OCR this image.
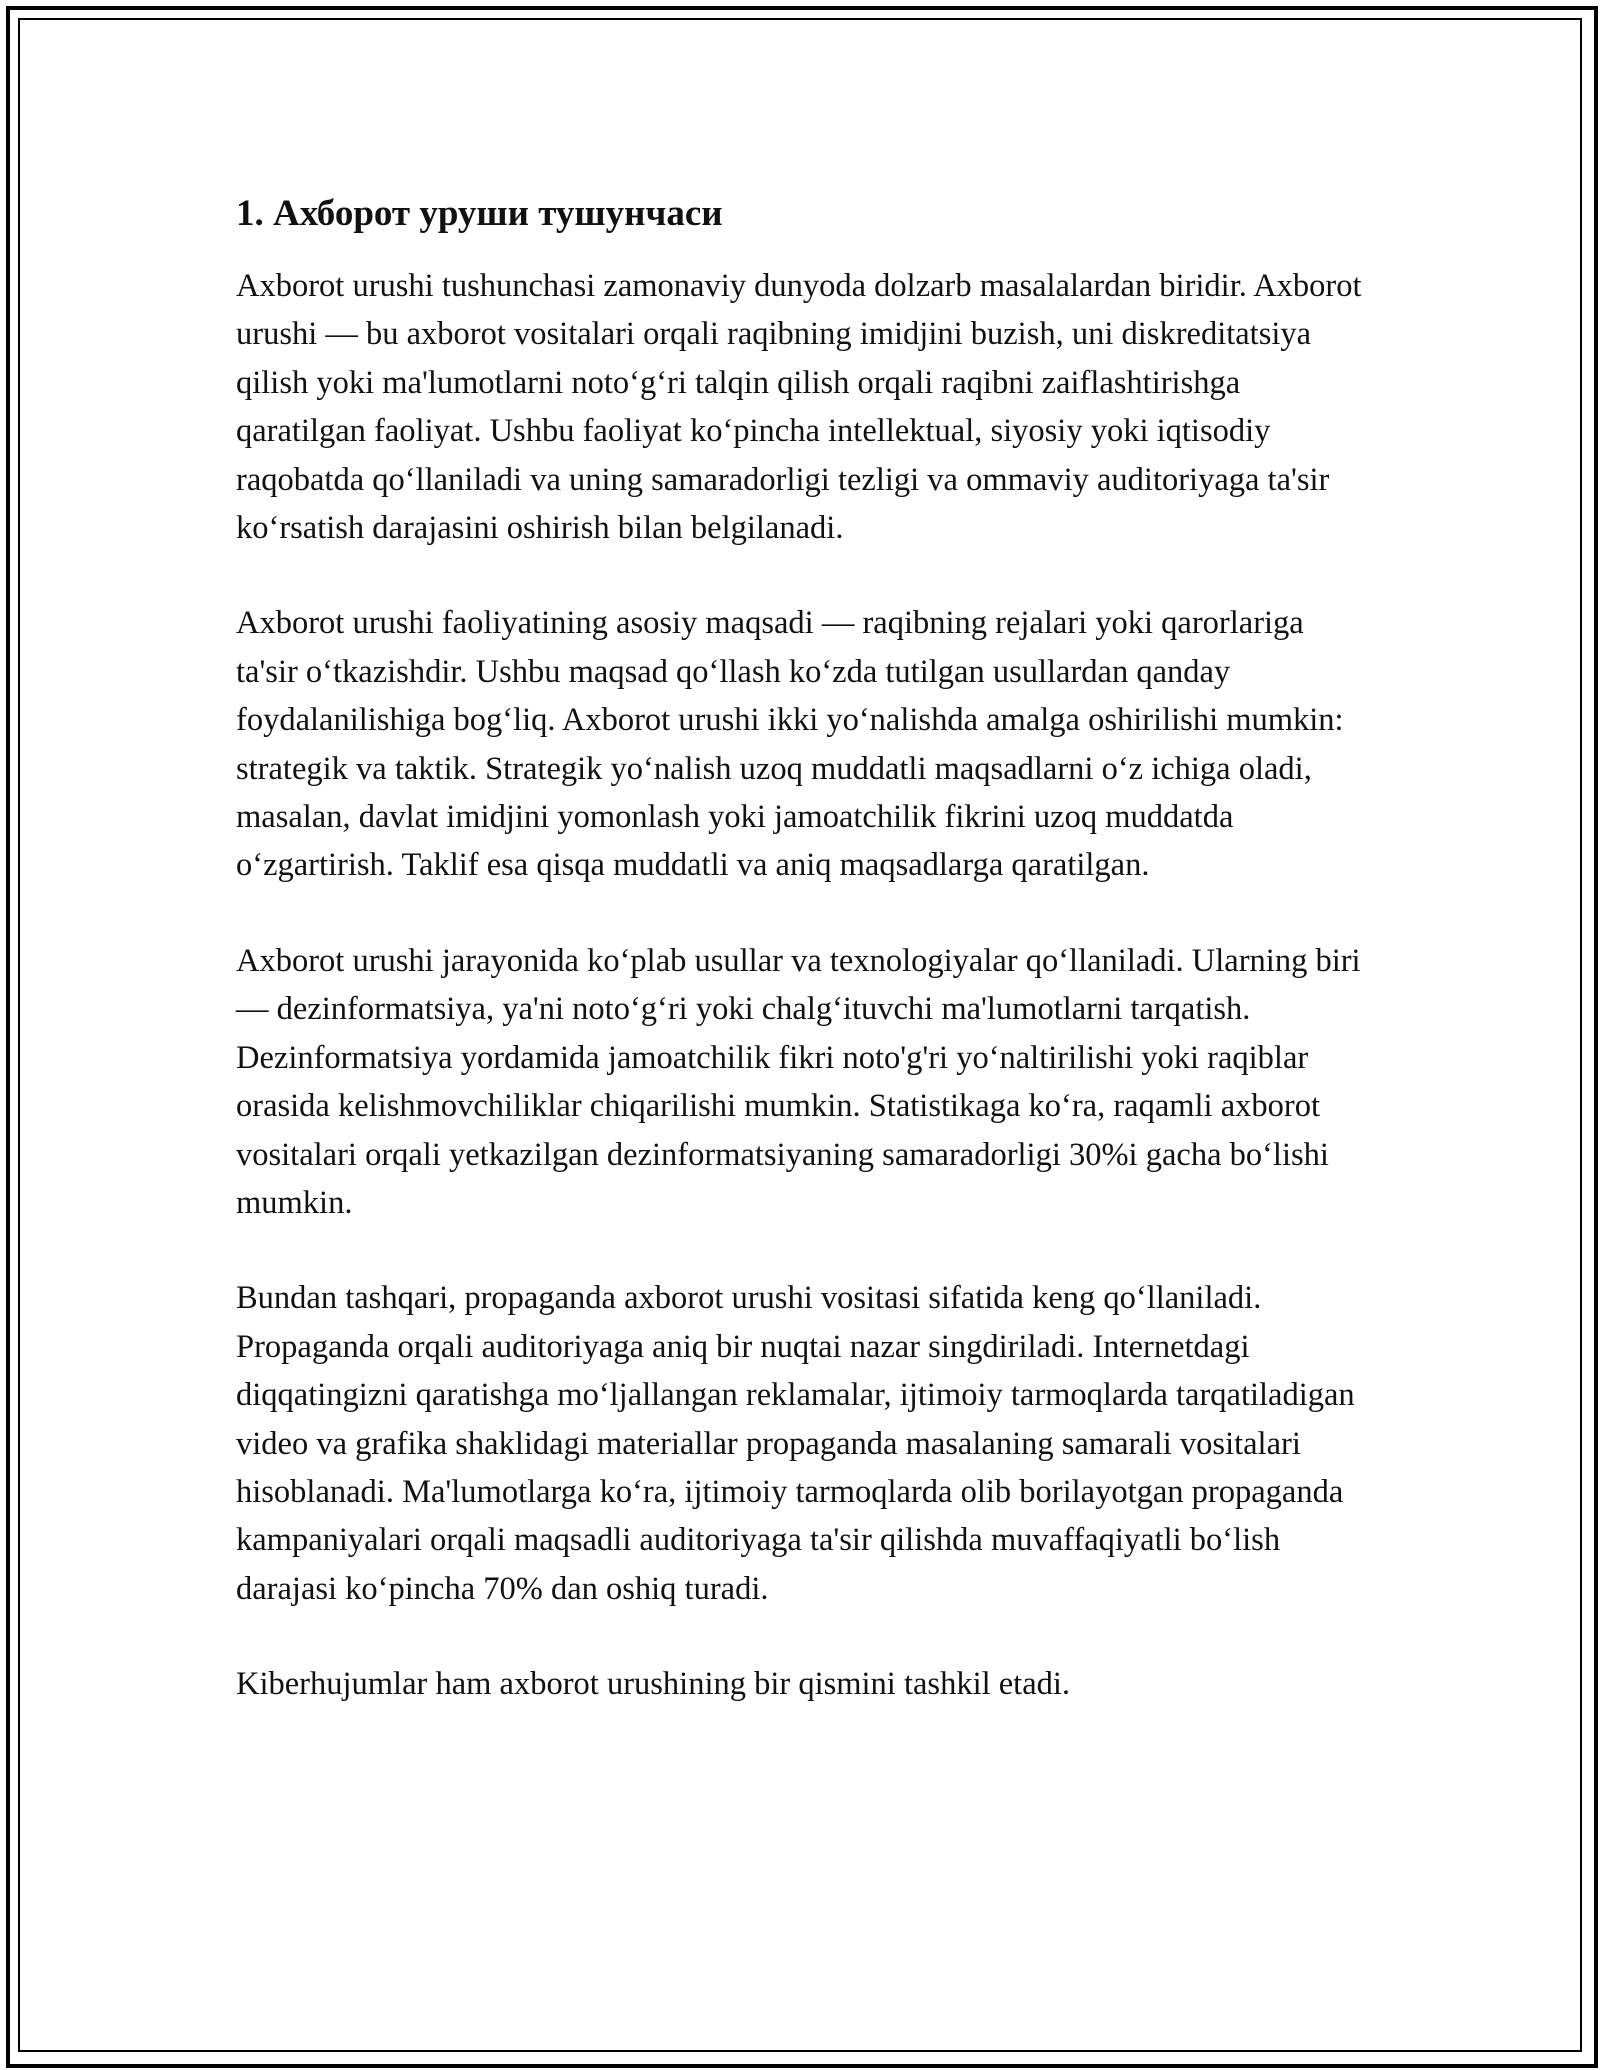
1. Ахборот уруши тушунчаси

Axborot urushi tushunchasi zamonaviy dunyoda dolzarb masalalardan biridir. Axborot urushi — bu axborot vositalari orqali raqibning imidjini buzish, uni diskreditatsiya qilish yoki ma'lumotlarni noto‘g‘ri talqin qilish orqali raqibni zaiflashtirishga qaratilgan faoliyat. Ushbu faoliyat ko‘pincha intellektual, siyosiy yoki iqtisodiy raqobatda qo‘llaniladi va uning samaradorligi tezligi va ommaviy auditoriyaga ta'sir ko‘rsatish darajasini oshirish bilan belgilanadi.

Axborot urushi faoliyatining asosiy maqsadi — raqibning rejalari yoki qarorlariga ta'sir o‘tkazishdir. Ushbu maqsad qo‘llash ko‘zda tutilgan usullardan qanday foydalanilishiga bog‘liq. Axborot urushi ikki yo‘nalishda amalga oshirilishi mumkin: strategik va taktik. Strategik yo‘nalish uzoq muddatli maqsadlarni o‘z ichiga oladi, masalan, davlat imidjini yomonlash yoki jamoatchilik fikrini uzoq muddatda o‘zgartirish. Taklif esa qisqa muddatli va aniq maqsadlarga qaratilgan.

Axborot urushi jarayonida ko‘plab usullar va texnologiyalar qo‘llaniladi. Ularning biri — dezinformatsiya, ya'ni noto‘g‘ri yoki chalg‘ituvchi ma'lumotlarni tarqatish. Dezinformatsiya yordamida jamoatchilik fikri noto'g'ri yo‘naltirilishi yoki raqiblar orasida kelishmovchiliklar chiqarilishi mumkin. Statistikaga ko‘ra, raqamli axborot vositalari orqali yetkazilgan dezinformatsiyaning samaradorligi 30%i gacha bo‘lishi mumkin.

Bundan tashqari, propaganda axborot urushi vositasi sifatida keng qo‘llaniladi. Propaganda orqali auditoriyaga aniq bir nuqtai nazar singdiriladi. Internetdagi diqqatingizni qaratishga mo‘ljallangan reklamalar, ijtimoiy tarmoqlarda tarqatiladigan video va grafika shaklidagi materiallar propaganda masalaning samarali vositalari hisoblanadi. Ma'lumotlarga ko‘ra, ijtimoiy tarmoqlarda olib borilayotgan propaganda kampaniyalari orqali maqsadli auditoriyaga ta'sir qilishda muvaffaqiyatli bo‘lish darajasi ko‘pincha 70% dan oshiq turadi.

Kiberhujumlar ham axborot urushining bir qismini tashkil etadi.
